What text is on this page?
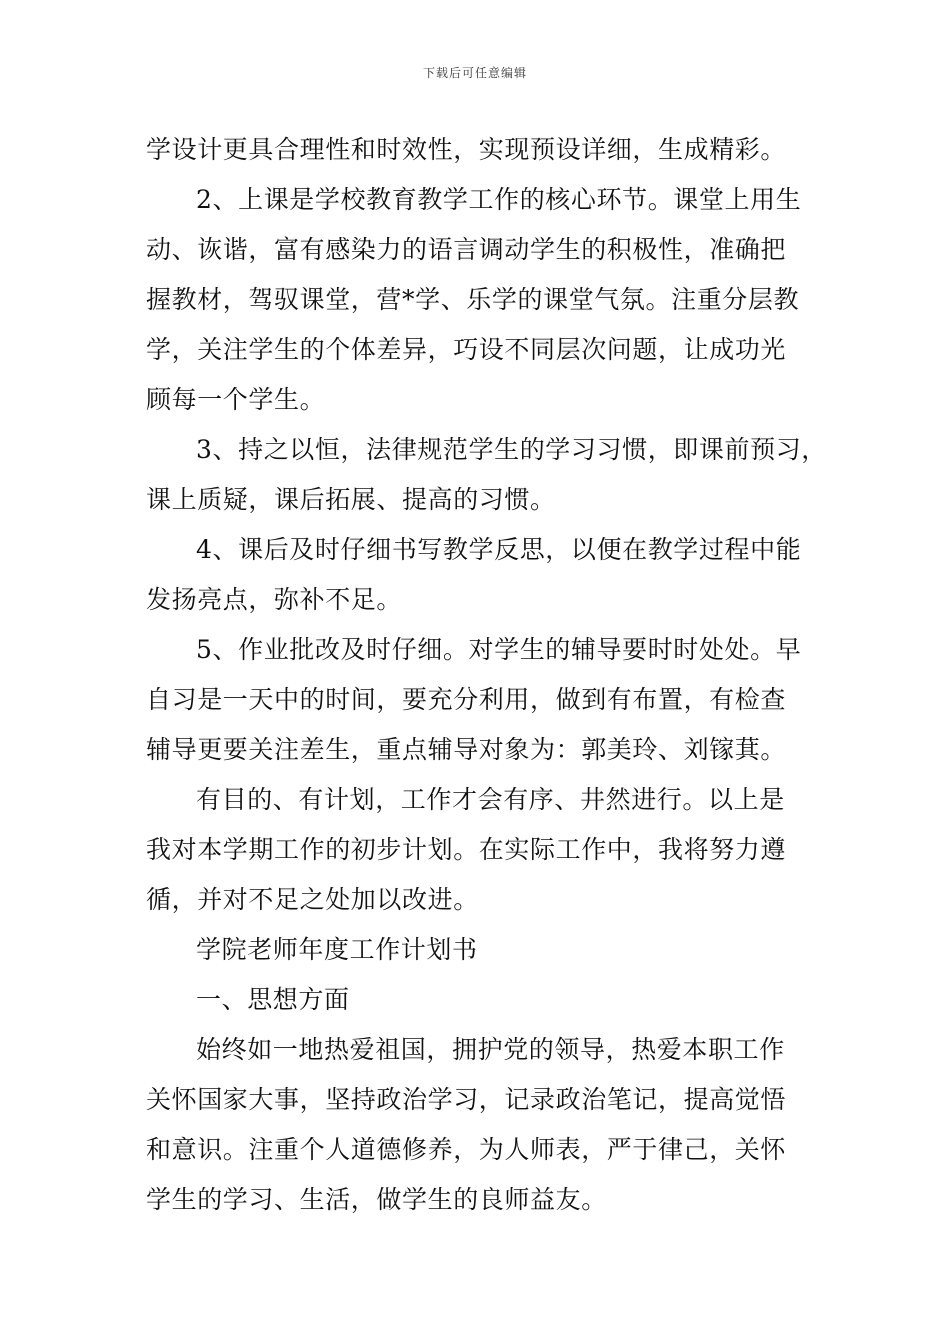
下载后可任意编辑
学设计更具合理性和时效性，实现预设详细，生成精彩。
2、上课是学校教育教学工作的核心环节。课堂上用生
动、诙谐，富有感染力的语言调动学生的积极性，准确把
握教材，驾驭课堂，营*学、乐学的课堂气氛。注重分层教
学，关注学生的个体差异，巧设不同层次问题，让成功光
顾每一个学生。
3、持之以恒，法律规范学生的学习习惯，即课前预习，
课上质疑，课后拓展、提高的习惯。
4、课后及时仔细书写教学反思，以便在教学过程中能
发扬亮点，弥补不足。
5、作业批改及时仔细。对学生的辅导要时时处处。早
自习是一天中的时间，要充分利用，做到有布置，有检查
辅导更要关注差生，重点辅导对象为：郭美玲、刘镓萁。
有目的、有计划，工作才会有序、井然进行。以上是
我对本学期工作的初步计划。在实际工作中，我将努力遵
循，并对不足之处加以改进。
学院老师年度工作计划书
一、思想方面
始终如一地热爱祖国，拥护党的领导，热爱本职工作
关怀国家大事，坚持政治学习，记录政治笔记，提高觉悟
和意识。注重个人道德修养，为人师表，严于律己，关怀
学生的学习、生活，做学生的良师益友。
